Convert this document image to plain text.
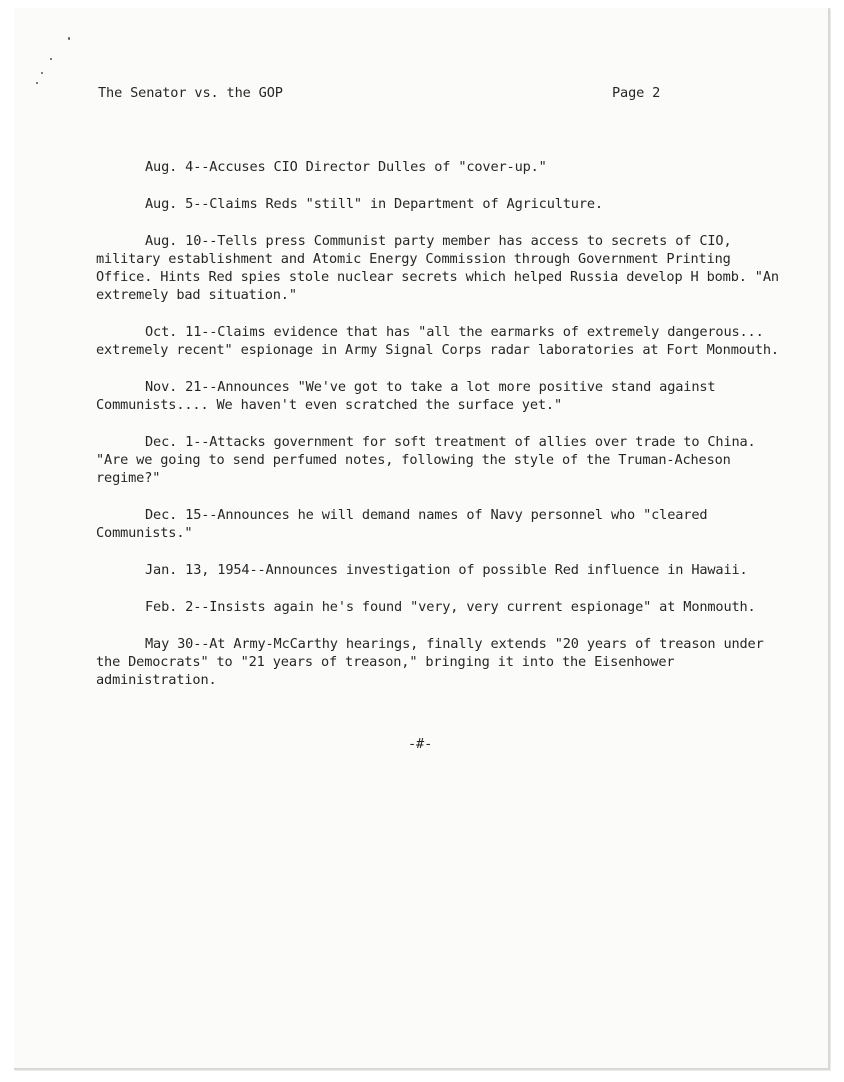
The Senator vs. the GOP	Page 2

Aug. 4--Accuses CIO Director Dulles of "cover-up."

Aug. 5--Claims Reds "still" in Department of Agriculture.

Aug. 10--Tells press Communist party member has access to secrets of CIO, military establishment and Atomic Energy Commission through Government Printing Office. Hints Red spies stole nuclear secrets which helped Russia develop H bomb. "An extremely bad situation."

Oct. 11--Claims evidence that has "all the earmarks of extremely dangerous... extremely recent" espionage in Army Signal Corps radar laboratories at Fort Monmouth.

Nov. 21--Announces "We've got to take a lot more positive stand against Communists.... We haven't even scratched the surface yet."

Dec. 1--Attacks government for soft treatment of allies over trade to China. "Are we going to send perfumed notes, following the style of the Truman-Acheson regime?"

Dec. 15--Announces he will demand names of Navy personnel who "cleared Communists."

Jan. 13, 1954--Announces investigation of possible Red influence in Hawaii.

Feb. 2--Insists again he's found "very, very current espionage" at Monmouth.

May 30--At Army-McCarthy hearings, finally extends "20 years of treason under the Democrats" to "21 years of treason," bringing it into the Eisenhower administration.

-#-
